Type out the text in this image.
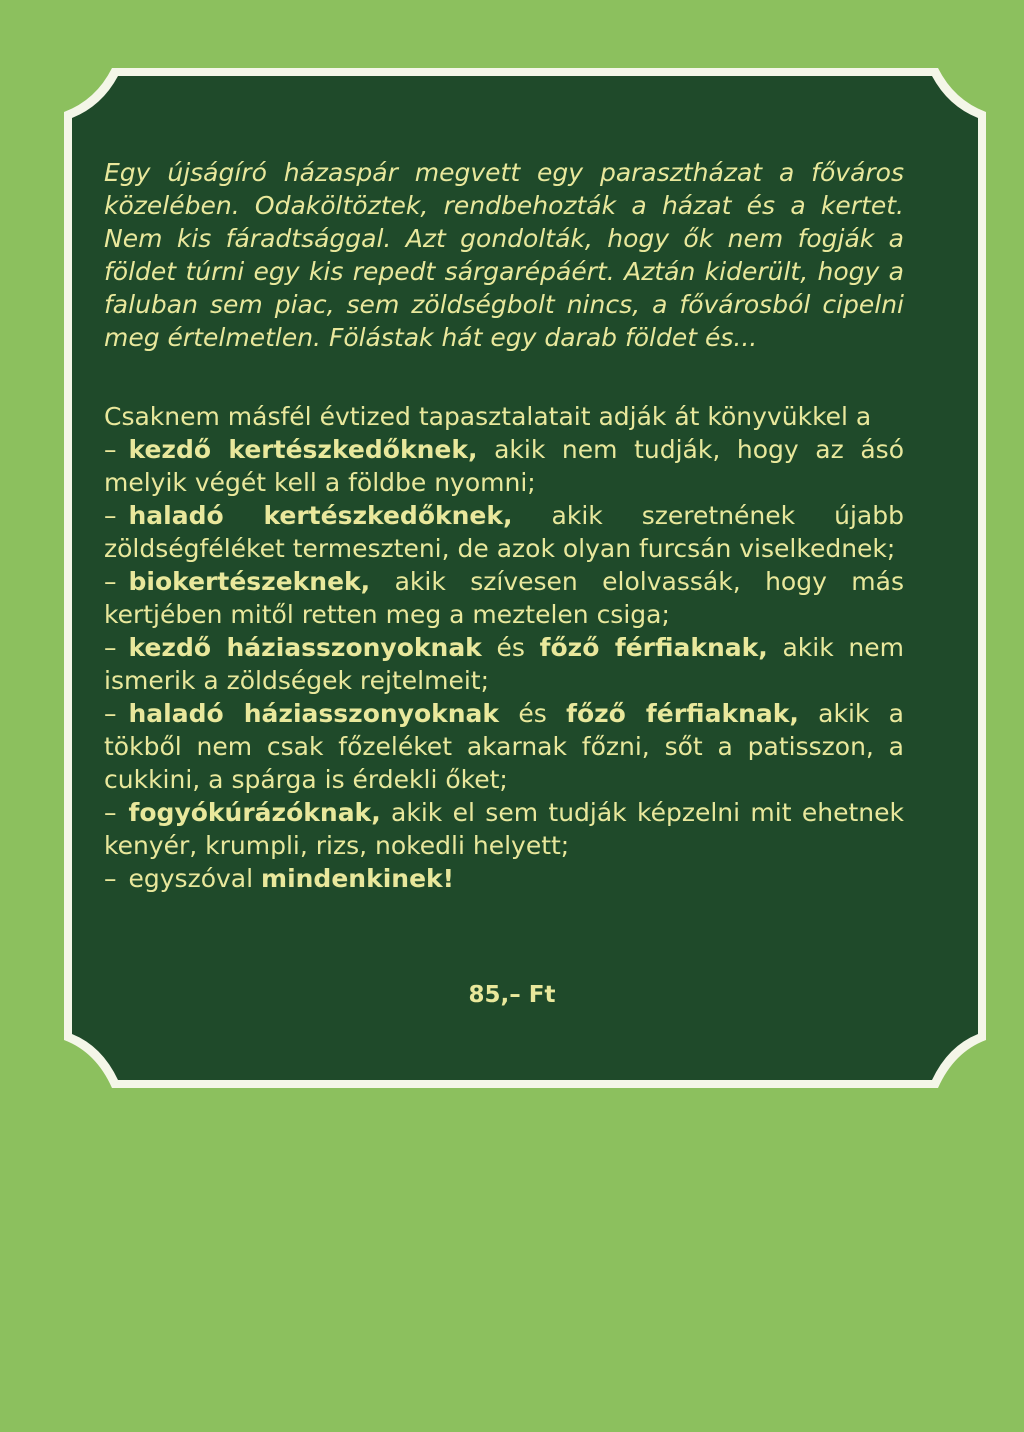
Egy újságíró házaspár megvett egy parasztházat a főváros közelében. Odaköltöztek, rendbehozták a házat és a kertet. Nem kis fáradtsággal. Azt gondolták, hogy ők nem fogják a földet túrni egy kis repedt sárgarépáért. Aztán kiderült, hogy a faluban sem piac, sem zöldségbolt nincs, a fővárosból cipelni meg értelmetlen. Fölástak hát egy darab földet és...

Csaknem másfél évtized tapasztalatait adják át könyvükkel a
– kezdő kertészkedőknek, akik nem tudják, hogy az ásó melyik végét kell a földbe nyomni;
– haladó kertészkedőknek, akik szeretnének újabb zöldségféléket termeszteni, de azok olyan furcsán viselkednek;
– biokertészeknek, akik szívesen elolvassák, hogy más kertjében mitől retten meg a meztelen csiga;
– kezdő háziasszonyoknak és főző férfiaknak, akik nem ismerik a zöldségek rejtelmeit;
– haladó háziasszonyoknak és főző férfiaknak, akik a tökből nem csak főzeléket akarnak főzni, sőt a patisszon, a cukkini, a spárga is érdekli őket;
– fogyókúrázóknak, akik el sem tudják képzelni mit ehetnek kenyér, krumpli, rizs, nokedli helyett;
– egyszóval mindenkinek!
85,– Ft
